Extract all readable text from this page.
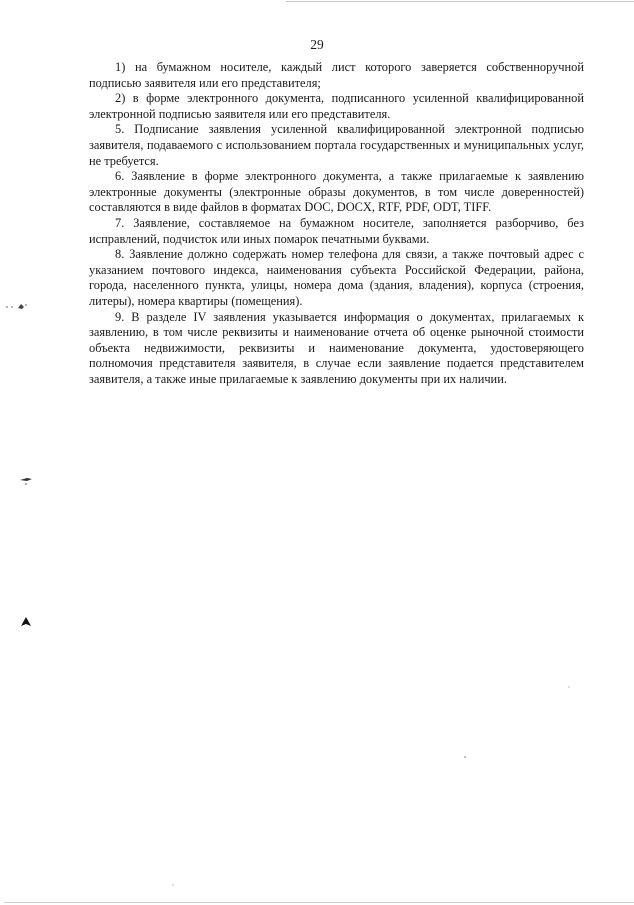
29

1) на бумажном носителе, каждый лист которого заверяется собственноручной подписью заявителя или его представителя;

2) в форме электронного документа, подписанного усиленной квалифицированной электронной подписью заявителя или его представителя.

5. Подписание заявления усиленной квалифицированной электронной подписью заявителя, подаваемого с использованием портала государственных и муниципальных услуг, не требуется.

6. Заявление в форме электронного документа, а также прилагаемые к заявлению электронные документы (электронные образы документов, в том числе доверенностей) составляются в виде файлов в форматах DOC, DOCX, RTF, PDF, ODT, TIFF.

7. Заявление, составляемое на бумажном носителе, заполняется разборчиво, без исправлений, подчисток или иных помарок печатными буквами.

8. Заявление должно содержать номер телефона для связи, а также почтовый адрес с указанием почтового индекса, наименования субъекта Российской Федерации, района, города, населенного пункта, улицы, номера дома (здания, владения), корпуса (строения, литеры), номера квартиры (помещения).

9. В разделе IV заявления указывается информация о документах, прилагаемых к заявлению, в том числе реквизиты и наименование отчета об оценке рыночной стоимости объекта недвижимости, реквизиты и наименование документа, удостоверяющего полномочия представителя заявителя, в случае если заявление подается представителем заявителя, а также иные прилагаемые к заявлению документы при их наличии.
